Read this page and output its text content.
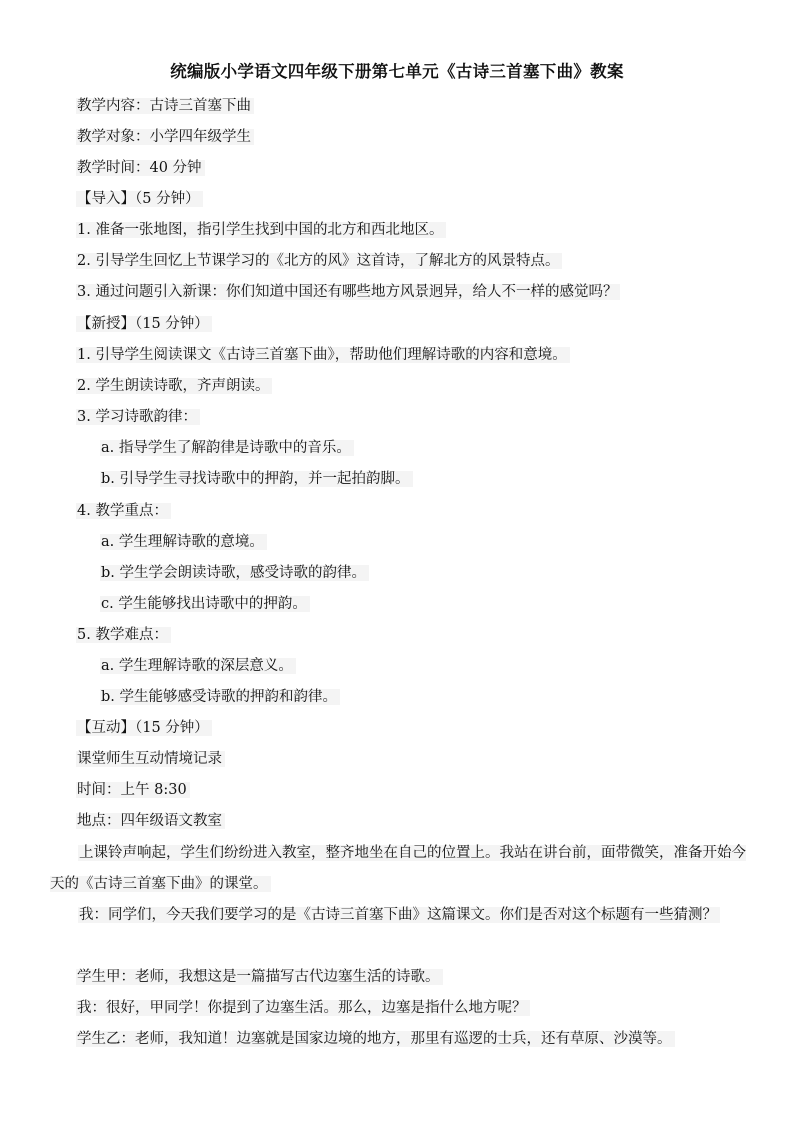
统编版小学语文四年级下册第七单元《古诗三首塞下曲》教案
教学内容：古诗三首塞下曲
教学对象：小学四年级学生
教学时间：40 分钟
【导入】（5 分钟）
1. 准备一张地图，指引学生找到中国的北方和西北地区。
2. 引导学生回忆上节课学习的《北方的风》这首诗，了解北方的风景特点。
3. 通过问题引入新课：你们知道中国还有哪些地方风景迥异，给人不一样的感觉吗？
【新授】（15 分钟）
1. 引导学生阅读课文《古诗三首塞下曲》，帮助他们理解诗歌的内容和意境。
2. 学生朗读诗歌，齐声朗读。
3. 学习诗歌韵律：
a. 指导学生了解韵律是诗歌中的音乐。
b. 引导学生寻找诗歌中的押韵，并一起拍韵脚。
4. 教学重点：
a. 学生理解诗歌的意境。
b. 学生学会朗读诗歌，感受诗歌的韵律。
c. 学生能够找出诗歌中的押韵。
5. 教学难点：
a. 学生理解诗歌的深层意义。
b. 学生能够感受诗歌的押韵和韵律。
【互动】（15 分钟）
课堂师生互动情境记录
时间：上午 8:30
地点：四年级语文教室
上课铃声响起，学生们纷纷进入教室，整齐地坐在自己的位置上。我站在讲台前，面带微笑，准备开始今天的《古诗三首塞下曲》的课堂。
我：同学们，今天我们要学习的是《古诗三首塞下曲》这篇课文。你们是否对这个标题有一些猜测？
学生甲：老师，我想这是一篇描写古代边塞生活的诗歌。
我：很好，甲同学！你提到了边塞生活。那么，边塞是指什么地方呢？
学生乙：老师，我知道！边塞就是国家边境的地方，那里有巡逻的士兵，还有草原、沙漠等。
